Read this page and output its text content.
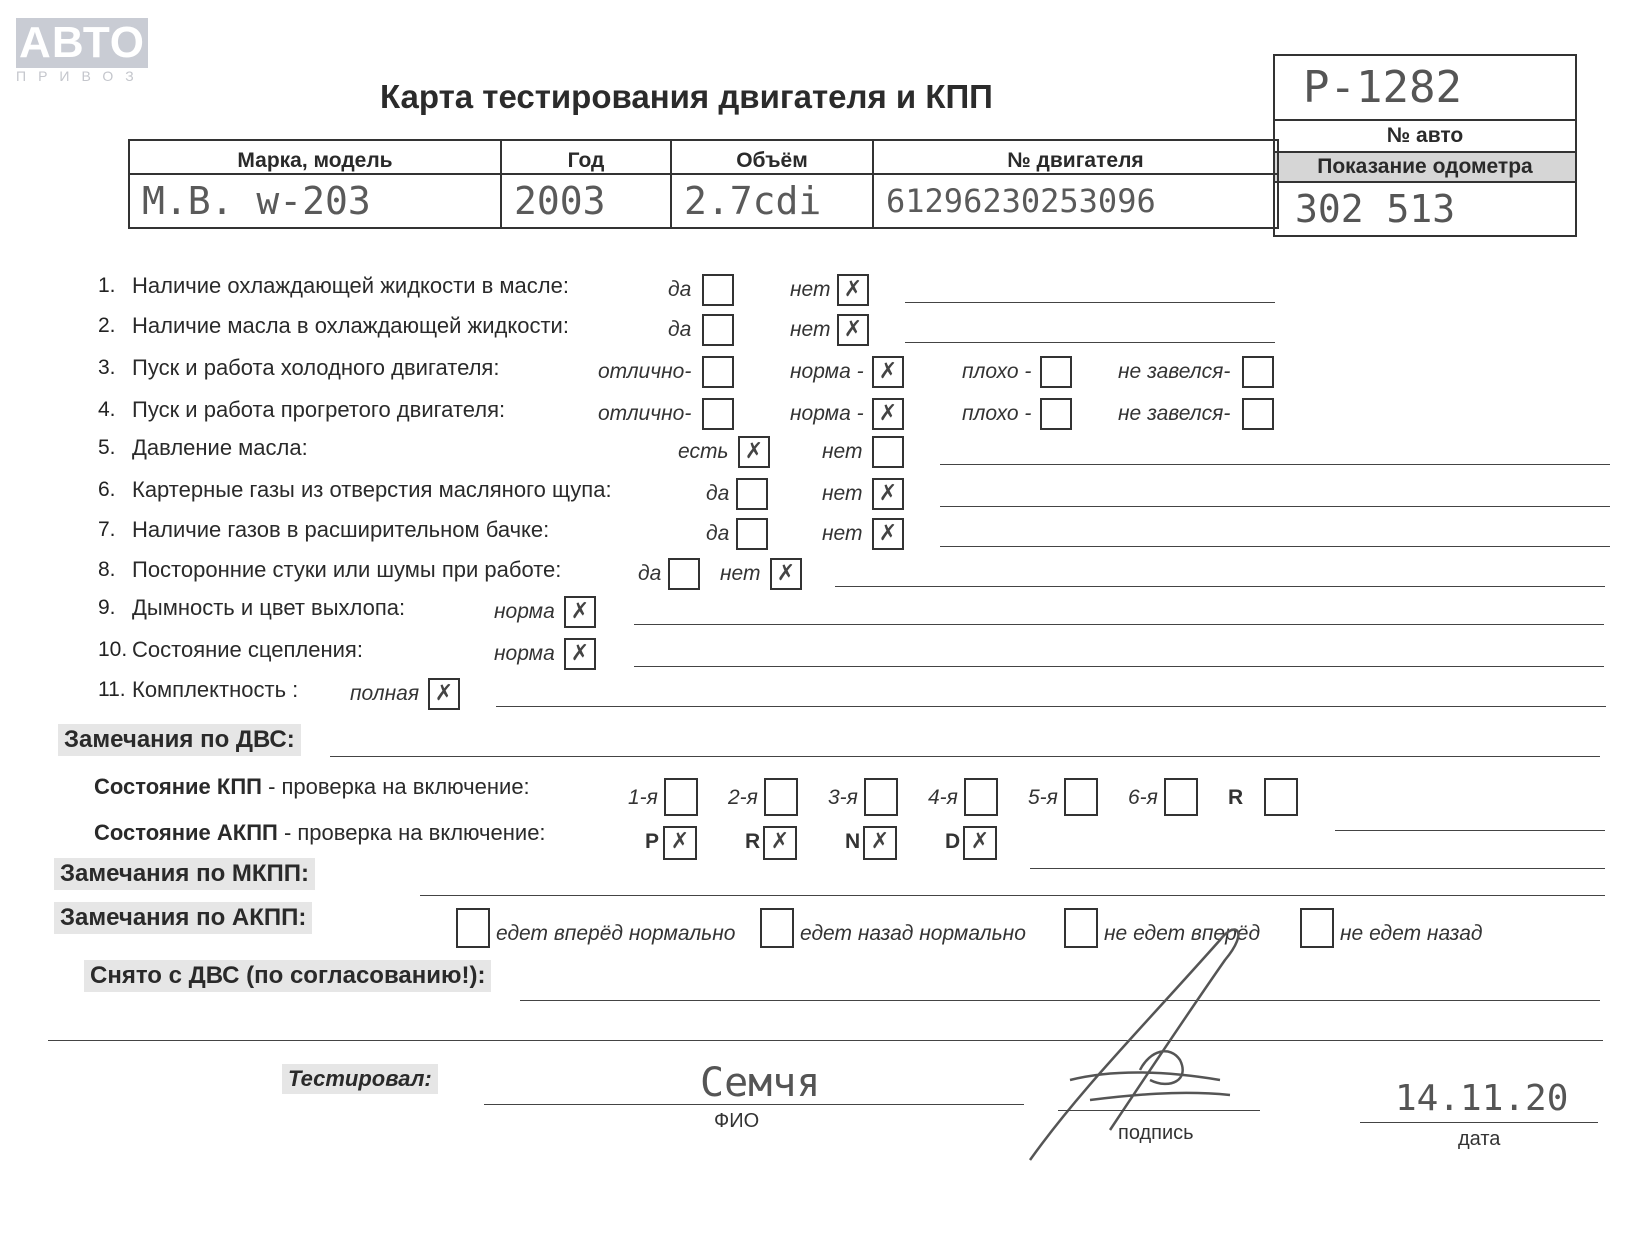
АВТО
ПРИВОЗ
Карта тестирования двигателя и КПП	P-1282
№ авто
Показание одометра
302 513
Марка, модель	Год	Объём	№ двигателя
M.B. w-203	2003	2.7cdi	61296230253096
1. Наличие охлаждающей жидкости в масле:	да	нет ✗
2. Наличие масла в охлаждающей жидкости:	да	нет ✗
3. Пуск и работа холодного двигателя:	отлично-	норма - ✗	плохо -	не завелся-
4. Пуск и работа прогретого двигателя:	отлично-	норма - ✗	плохо -	не завелся-
5. Давление масла:	есть ✗	нет
6. Картерные газы из отверстия масляного щупа:	да	нет ✗
7. Наличие газов в расширительном бачке:	да	нет ✗
8. Посторонние стуки или шумы при работе:	да	нет ✗
9. Дымность и цвет выхлопа:	норма ✗
10. Состояние сцепления:	норма ✗
11. Комплектность : полная ✗
Замечания по ДВС:
Состояние КПП - проверка на включение:	1-я	2-я	3-я	4-я	5-я	6-я	R
Состояние АКПП - проверка на включение:	P ✗	R ✗	N ✗	D ✗
Замечания по МКПП:
Замечания по АКПП:
едет вперёд нормально	едет назад нормально	не едет вперёд	не едет назад
Снято с ДВС (по согласованию!):
Тестировал:	Семчя
ФИО
подпись
14.11.20
дата
